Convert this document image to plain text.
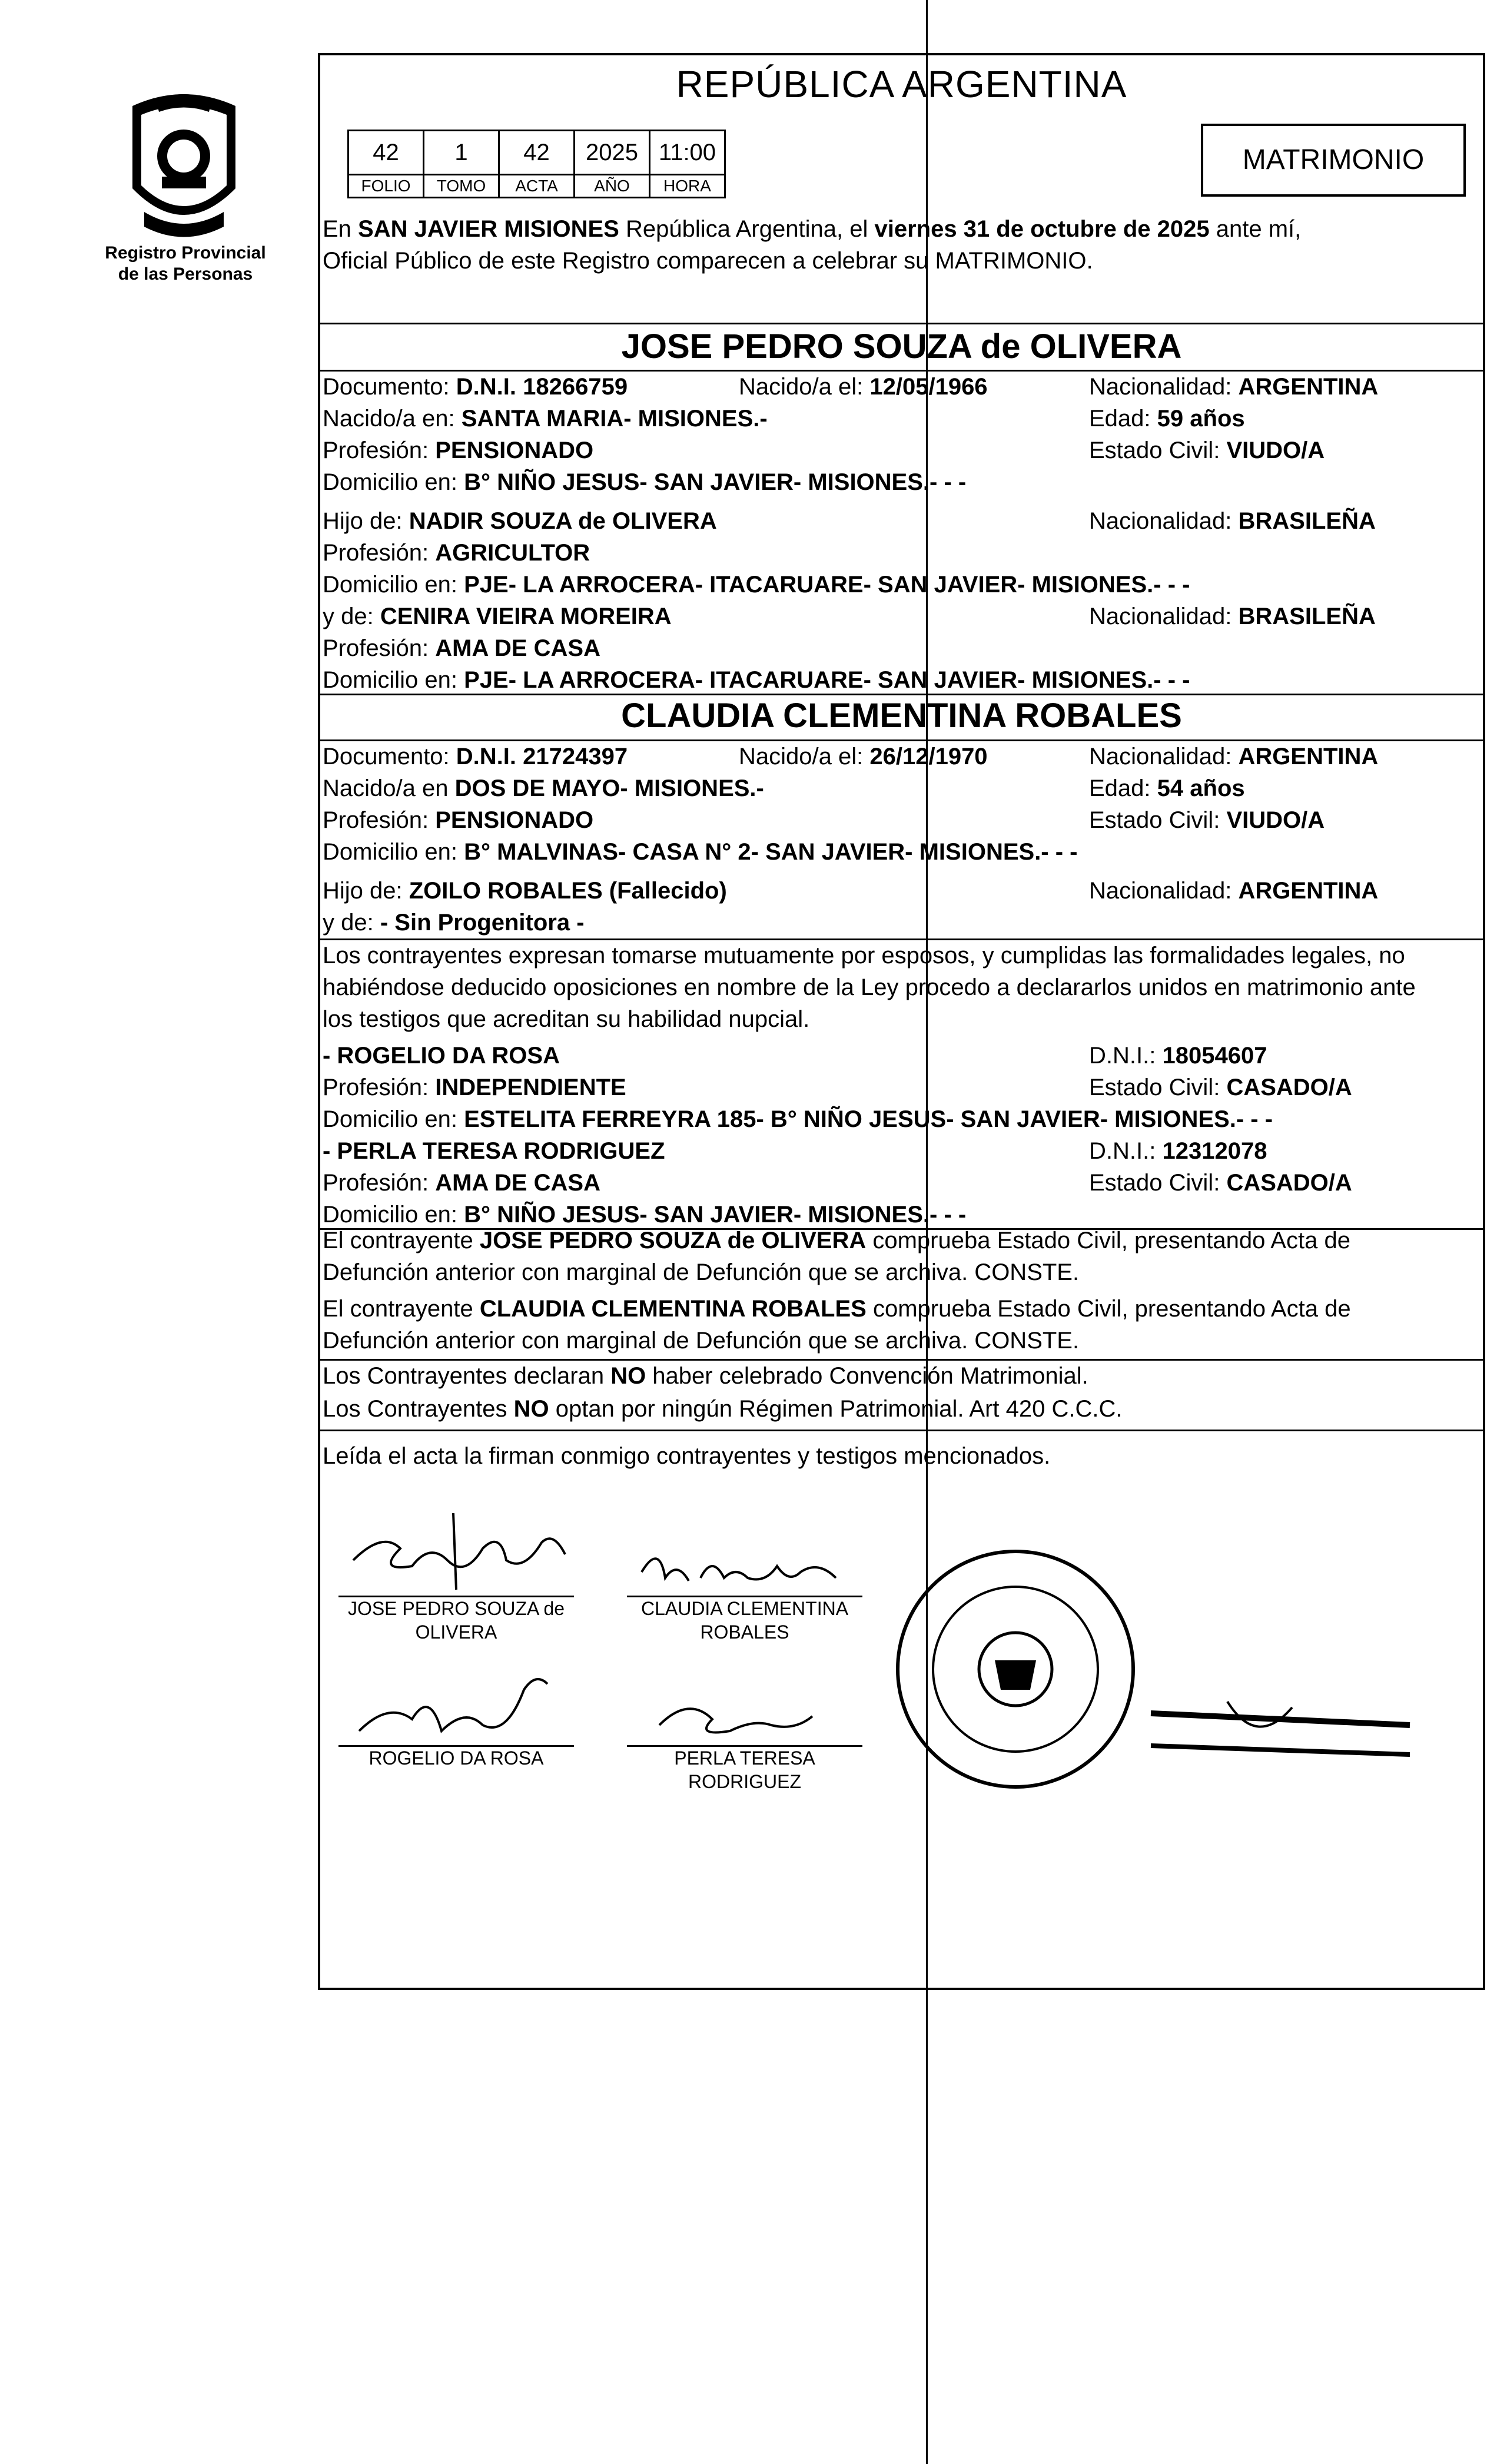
Registro Provincial
de las Personas
REPÚBLICA ARGENTINA
42	1	42	2025	11:00
FOLIO	TOMO	ACTA	AÑO	HORA
MATRIMONIO
En SAN JAVIER MISIONES República Argentina, el viernes 31 de octubre de 2025 ante mí,
Oficial Público de este Registro comparecen a celebrar su MATRIMONIO.
JOSE PEDRO SOUZA de OLIVERA
Documento: D.N.I. 18266759	Nacido/a el: 12/05/1966	Nacionalidad: ARGENTINA
Nacido/a en: SANTA MARIA- MISIONES.-	Edad: 59 años
Profesión: PENSIONADO	Estado Civil: VIUDO/A
Domicilio en: B° NIÑO JESUS- SAN JAVIER- MISIONES.- - -
Hijo de: NADIR SOUZA de OLIVERA	Nacionalidad: BRASILEÑA
Profesión: AGRICULTOR
Domicilio en: PJE- LA ARROCERA- ITACARUARE- SAN JAVIER- MISIONES.- - -
y de: CENIRA VIEIRA MOREIRA	Nacionalidad: BRASILEÑA
Profesión: AMA DE CASA
Domicilio en: PJE- LA ARROCERA- ITACARUARE- SAN JAVIER- MISIONES.- - -
CLAUDIA CLEMENTINA ROBALES
Documento: D.N.I. 21724397	Nacido/a el: 26/12/1970	Nacionalidad: ARGENTINA
Nacido/a en DOS DE MAYO- MISIONES.-	Edad: 54 años
Profesión: PENSIONADO	Estado Civil: VIUDO/A
Domicilio en: B° MALVINAS- CASA N° 2- SAN JAVIER- MISIONES.- - -
Hijo de: ZOILO ROBALES (Fallecido)	Nacionalidad: ARGENTINA
y de: - Sin Progenitora -
Los contrayentes expresan tomarse mutuamente por esposos, y cumplidas las formalidades legales, no
habiéndose deducido oposiciones en nombre de la Ley procedo a declararlos unidos en matrimonio ante
los testigos que acreditan su habilidad nupcial.
- ROGELIO DA ROSA	D.N.I.: 18054607
Profesión: INDEPENDIENTE	Estado Civil: CASADO/A
Domicilio en: ESTELITA FERREYRA 185- B° NIÑO JESUS- SAN JAVIER- MISIONES.- - -
- PERLA TERESA RODRIGUEZ	D.N.I.: 12312078
Profesión: AMA DE CASA	Estado Civil: CASADO/A
Domicilio en: B° NIÑO JESUS- SAN JAVIER- MISIONES.- - -
El contrayente JOSE PEDRO SOUZA de OLIVERA comprueba Estado Civil, presentando Acta de
Defunción anterior con marginal de Defunción que se archiva. CONSTE.
El contrayente CLAUDIA CLEMENTINA ROBALES comprueba Estado Civil, presentando Acta de
Defunción anterior con marginal de Defunción que se archiva. CONSTE.
Los Contrayentes declaran NO haber celebrado Convención Matrimonial.
Los Contrayentes NO optan por ningún Régimen Patrimonial. Art 420 C.C.C.
Leída el acta la firman conmigo contrayentes y testigos mencionados.
JOSE PEDRO SOUZA de
OLIVERA
CLAUDIA CLEMENTINA
ROBALES
ROGELIO DA ROSA	PERLA TERESA
RODRIGUEZ
